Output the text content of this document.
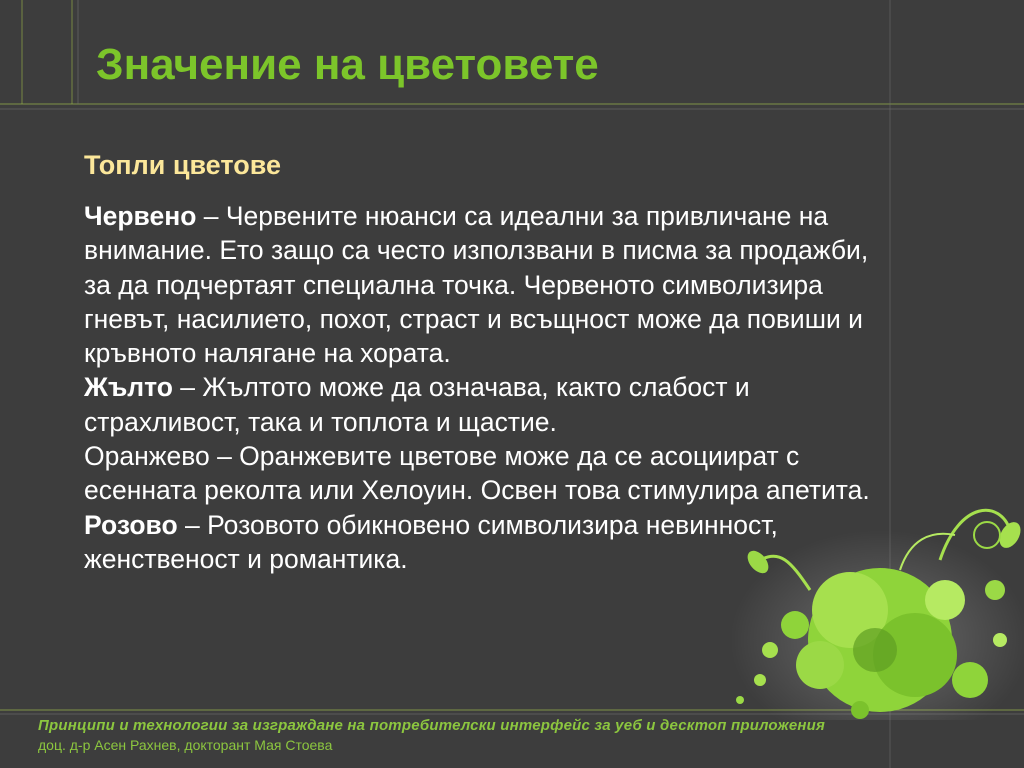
Значение на цветовете
Топли цветове

Червено – Червените нюанси са идеални за привличане на внимание. Ето защо са често използвани в писма за продажби, за да подчертаят специална точка. Червеното символизира гневът, насилието, похот, страст и всъщност може да повиши и кръвното налягане на хората.

Жълто – Жълтото може да означава, както слабост и страхливост, така и топлота и щастие.

Оранжево – Оранжевите цветове може да се асоциират с есенната реколта или Хелоуин. Освен това стимулира апетита.

Розово – Розовото обикновено символизира невинност, женственост и романтика.

Принципи и технологии за изграждане на потребителски интерфейс за уеб и десктоп приложения
доц. д-р Асен Рахнев, докторант Мая Стоева
